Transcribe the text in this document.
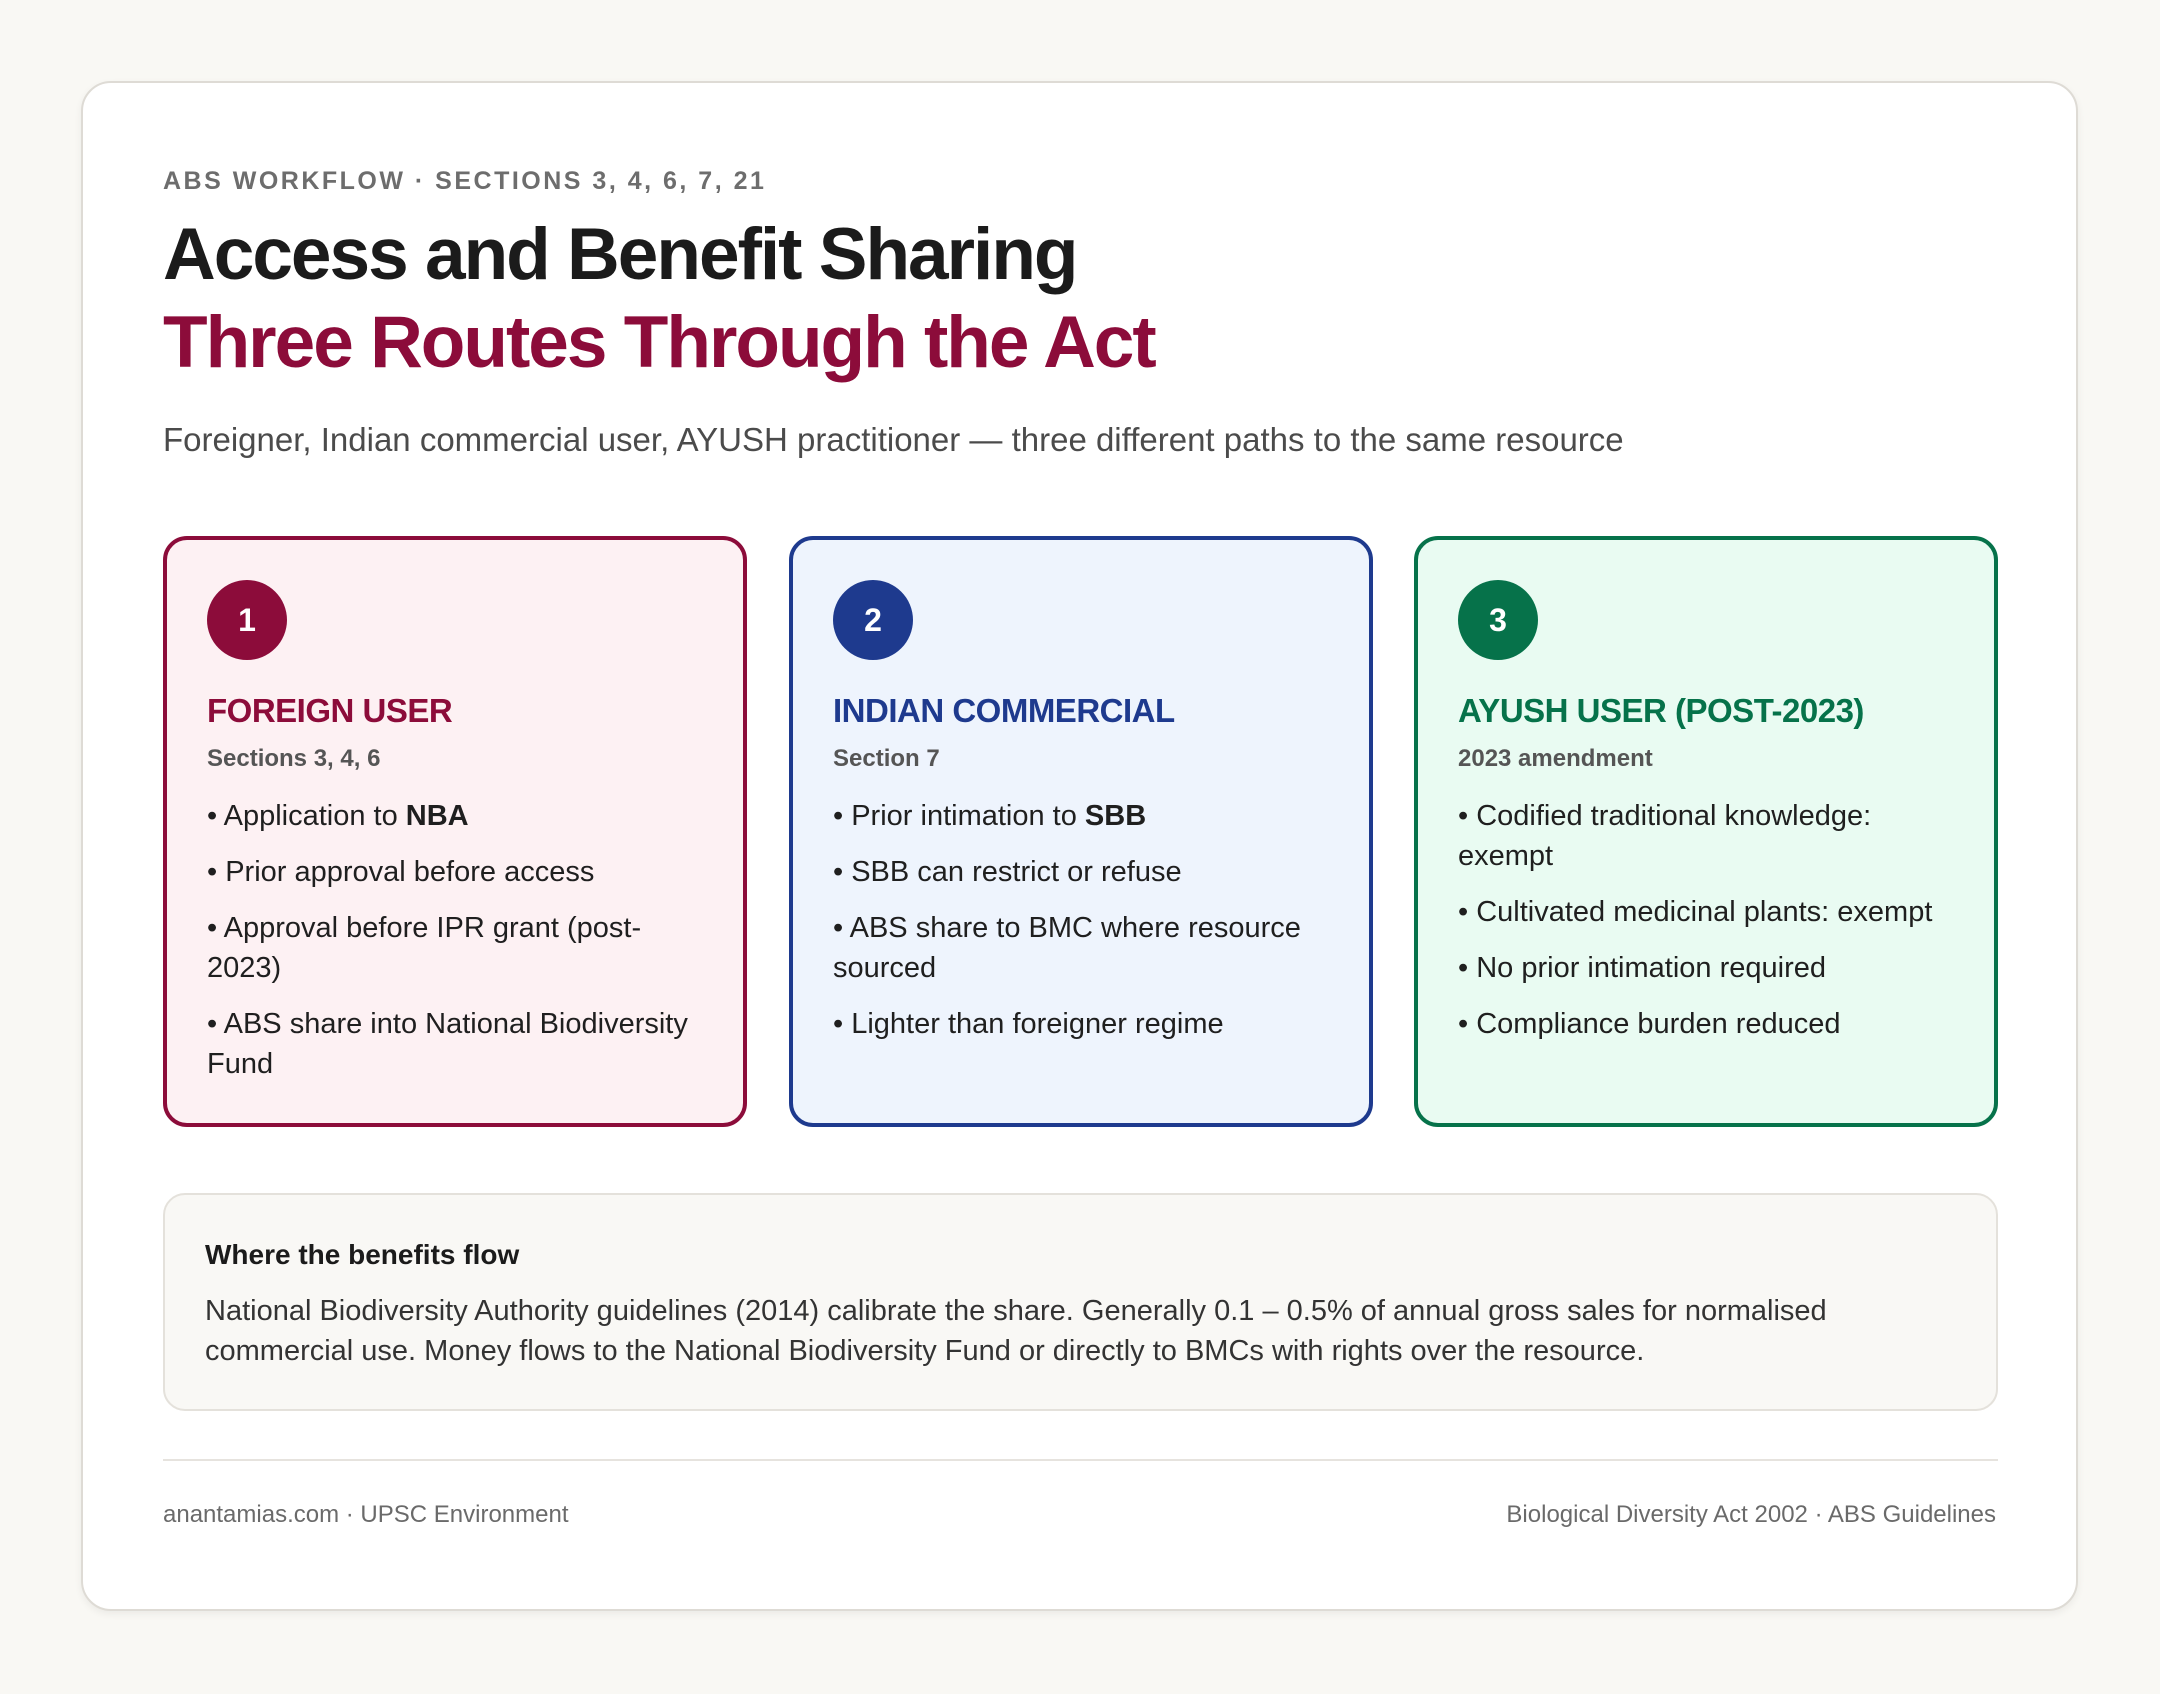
ABS WORKFLOW · SECTIONS 3, 4, 6, 7, 21
Access and Benefit Sharing
Three Routes Through the Act
Foreigner, Indian commercial user, AYUSH practitioner — three different paths to the same resource
1
FOREIGN USER
Sections 3, 4, 6
• Application to NBA
• Prior approval before access
• Approval before IPR grant (post-2023)
• ABS share into National Biodiversity Fund
2
INDIAN COMMERCIAL
Section 7
• Prior intimation to SBB
• SBB can restrict or refuse
• ABS share to BMC where resource sourced
• Lighter than foreigner regime
3
AYUSH USER (POST-2023)
2023 amendment
• Codified traditional knowledge: exempt
• Cultivated medicinal plants: exempt
• No prior intimation required
• Compliance burden reduced
Where the benefits flow
National Biodiversity Authority guidelines (2014) calibrate the share. Generally 0.1 – 0.5% of annual gross sales for normalised commercial use. Money flows to the National Biodiversity Fund or directly to BMCs with rights over the resource.
anantamias.com · UPSC Environment	Biological Diversity Act 2002 · ABS Guidelines
